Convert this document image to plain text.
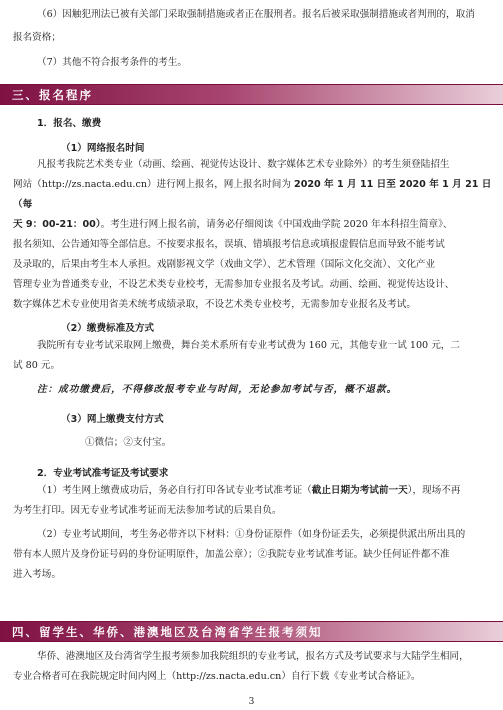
（6）因触犯刑法已被有关部门采取强制措施或者正在服刑者。报名后被采取强制措施或者判刑的，取消
报名资格；
（7）其他不符合报考条件的考生。
三、报名程序
1．报名、缴费
（1）网络报名时间
凡报考我院艺术类专业（动画、绘画、视觉传达设计、数字媒体艺术专业除外）的考生须登陆招生
网站（http://zs.nacta.edu.cn）进行网上报名，网上报名时间为 2020 年 1 月 11 日至 2020 年 1 月 21 日（每
天 9：00-21：00）。考生进行网上报名前，请务必仔细阅读《中国戏曲学院 2020 年本科招生简章》、
报名须知、公告通知等全部信息。不按要求报名，误填、错填报考信息或填报虚假信息而导致不能考试
及录取的，后果由考生本人承担。戏剧影视文学（戏曲文学）、艺术管理（国际文化交流）、文化产业
管理专业为普通类专业，不设艺术类专业校考，无需参加专业报名及考试。动画、绘画、视觉传达设计、
数字媒体艺术专业使用省美术统考成绩录取，不设艺术类专业校考，无需参加专业报名及考试。
（2）缴费标准及方式
我院所有专业考试采取网上缴费，舞台美术系所有专业考试费为 160 元，其他专业一试 100 元，二
试 80 元。
注：成功缴费后，不得修改报考专业与时间，无论参加考试与否，概不退款。
（3）网上缴费支付方式
①微信；②支付宝。
2．专业考试准考证及考试要求
（1）考生网上缴费成功后，务必自行打印各试专业考试准考证（截止日期为考试前一天），现场不再
为考生打印。因无专业考试准考证而无法参加考试的后果自负。
（2）专业考试期间，考生务必带齐以下材料：①身份证原件（如身份证丢失，必须提供派出所出具的
带有本人照片及身份证号码的身份证明原件，加盖公章）；②我院专业考试准考证。缺少任何证件都不准
进入考场。
四、留学生、华侨、港澳地区及台湾省学生报考须知
华侨、港澳地区及台湾省学生报考须参加我院组织的专业考试，报名方式及考试要求与大陆学生相同，
专业合格者可在我院规定时间内网上（http://zs.nacta.edu.cn）自行下载《专业考试合格证》。
3
